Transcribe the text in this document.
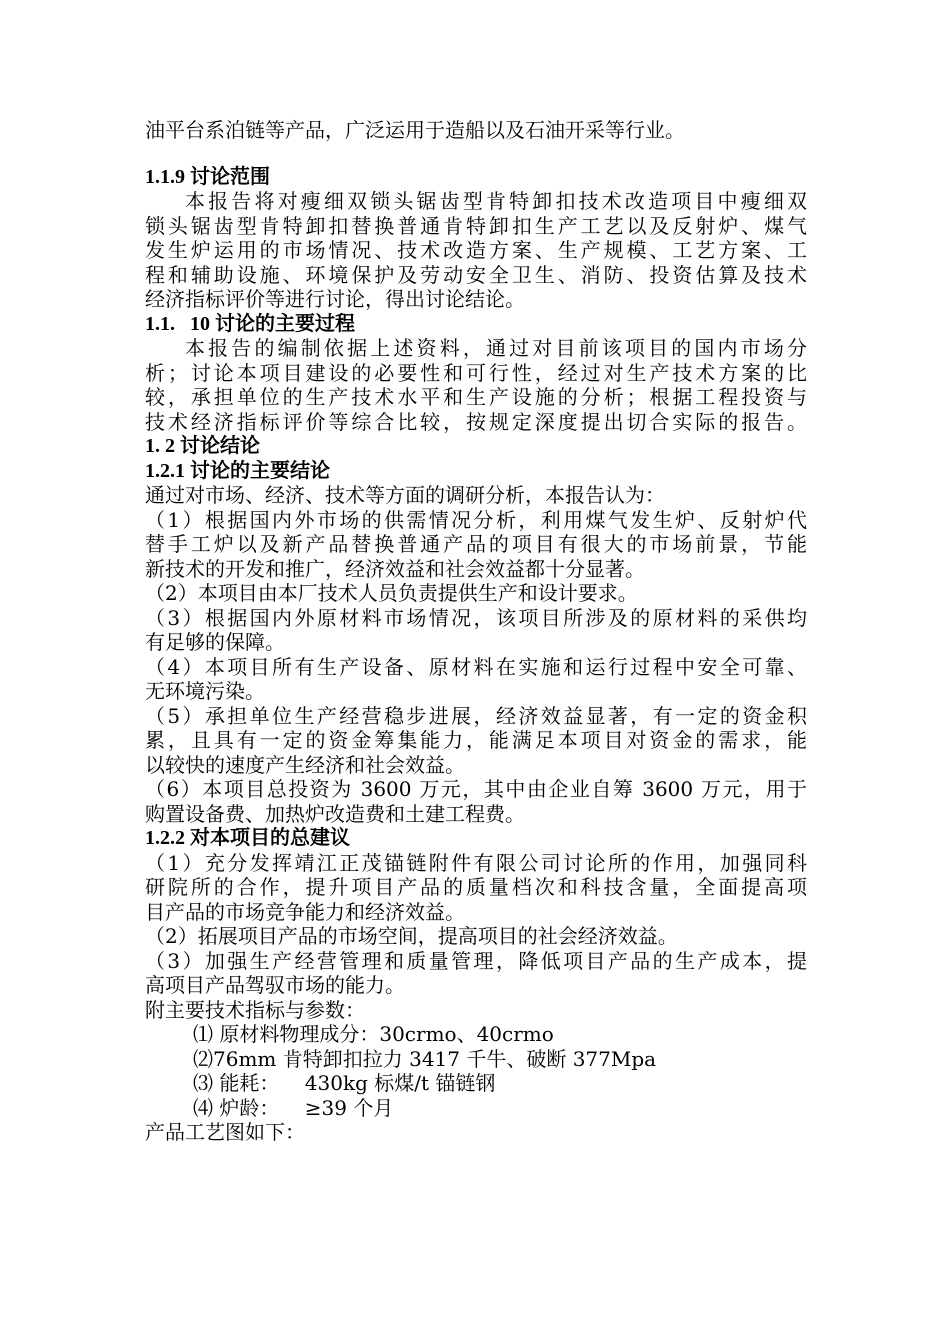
油平台系泊链等产品，广泛运用于造船以及石油开采等行业。
1.1.9 讨论范围
本报告将对瘦细双锁头锯齿型肯特卸扣技术改造项目中瘦细双
锁头锯齿型肯特卸扣替换普通肯特卸扣生产工艺以及反射炉、煤气
发生炉运用的市场情况、技术改造方案、生产规模、工艺方案、工
程和辅助设施、环境保护及劳动安全卫生、消防、投资估算及技术
经济指标评价等进行讨论，得出讨论结论。
1.1.   10 讨论的主要过程
本报告的编制依据上述资料，通过对目前该项目的国内市场分
析；讨论本项目建设的必要性和可行性，经过对生产技术方案的比
较，承担单位的生产技术水平和生产设施的分析；根据工程投资与
技术经济指标评价等综合比较，按规定深度提出切合实际的报告。
1. 2 讨论结论
1.2.1 讨论的主要结论
通过对市场、经济、技术等方面的调研分析，本报告认为：
（1）根据国内外市场的供需情况分析，利用煤气发生炉、反射炉代
替手工炉以及新产品替换普通产品的项目有很大的市场前景，节能
新技术的开发和推广，经济效益和社会效益都十分显著。
（2）本项目由本厂技术人员负责提供生产和设计要求。
（3）根据国内外原材料市场情况，该项目所涉及的原材料的采供均
有足够的保障。
（4）本项目所有生产设备、原材料在实施和运行过程中安全可靠、
无环境污染。
（5）承担单位生产经营稳步进展，经济效益显著，有一定的资金积
累，且具有一定的资金筹集能力，能满足本项目对资金的需求，能
以较快的速度产生经济和社会效益。
（6）本项目总投资为 3600 万元，其中由企业自筹 3600 万元，用于
购置设备费、加热炉改造费和土建工程费。
1.2.2 对本项目的总建议
（1）充分发挥靖江正茂锚链附件有限公司讨论所的作用，加强同科
研院所的合作，提升项目产品的质量档次和科技含量，全面提高项
目产品的市场竞争能力和经济效益。
（2）拓展项目产品的市场空间，提高项目的社会经济效益。
（3）加强生产经营管理和质量管理，降低项目产品的生产成本，提
高项目产品驾驭市场的能力。
附主要技术指标与参数：
⑴ 原材料物理成分：30crmo、40crmo
⑵76mm 肯特卸扣拉力 3417 千牛、破断 377Mpa
⑶ 能耗：    430kg 标煤/t 锚链钢
⑷ 炉龄：    ≥39 个月
产品工艺图如下：
